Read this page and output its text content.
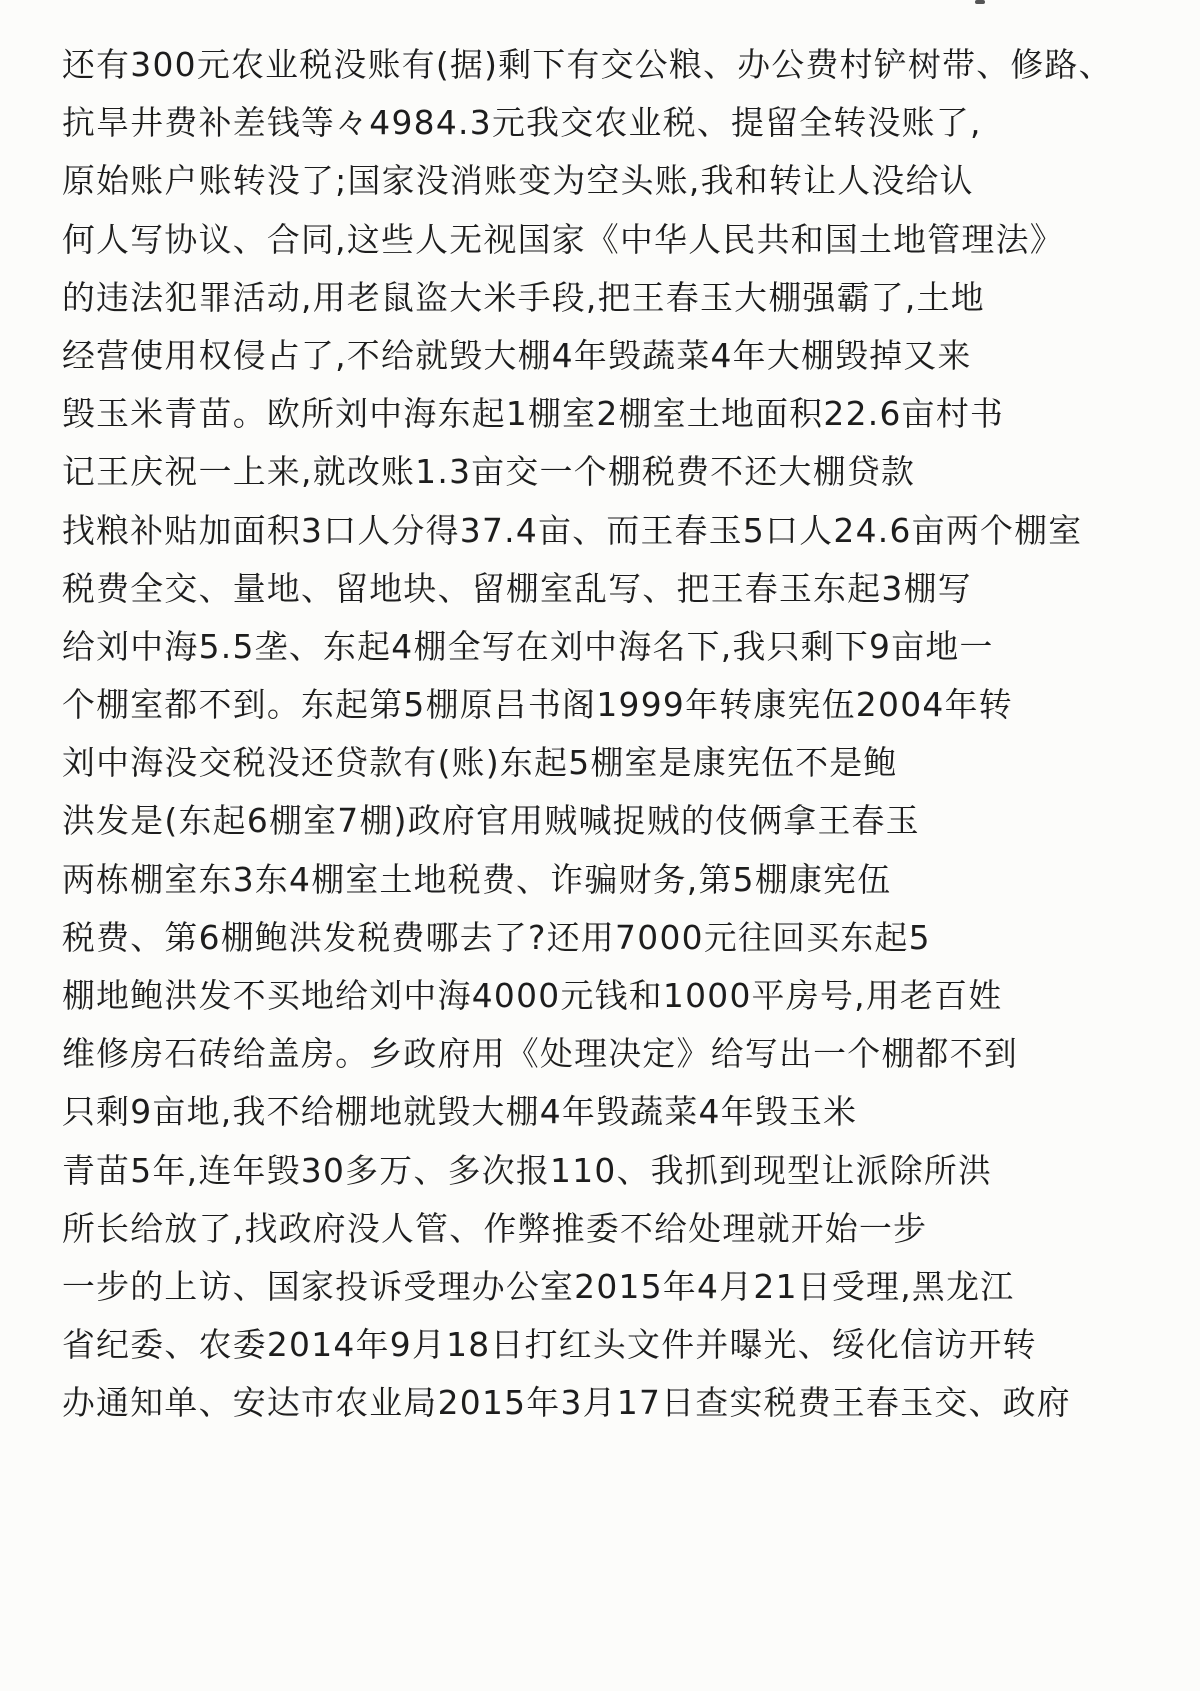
还有300元农业税没账有(据)剩下有交公粮、办公费村铲树带、修路、
抗旱井费补差钱等々4984.3元我交农业税、提留全转没账了,
原始账户账转没了;国家没消账变为空头账,我和转让人没给认
何人写协议、合同,这些人无视国家《中华人民共和国土地管理法》
的违法犯罪活动,用老鼠盗大米手段,把王春玉大棚强霸了,土地
经营使用权侵占了,不给就毁大棚4年毁蔬菜4年大棚毁掉又来
毁玉米青苗。欧所刘中海东起1棚室2棚室土地面积22.6亩村书
记王庆祝一上来,就改账1.3亩交一个棚税费不还大棚贷款
找粮补贴加面积3口人分得37.4亩、而王春玉5口人24.6亩两个棚室
税费全交、量地、留地块、留棚室乱写、把王春玉东起3棚写
给刘中海5.5垄、东起4棚全写在刘中海名下,我只剩下9亩地一
个棚室都不到。东起第5棚原吕书阁1999年转康宪伍2004年转
刘中海没交税没还贷款有(账)东起5棚室是康宪伍不是鲍
洪发是(东起6棚室7棚)政府官用贼喊捉贼的伎俩拿王春玉
两栋棚室东3东4棚室土地税费、诈骗财务,第5棚康宪伍
税费、第6棚鲍洪发税费哪去了?还用7000元往回买东起5
棚地鲍洪发不买地给刘中海4000元钱和1000平房号,用老百姓
维修房石砖给盖房。乡政府用《处理决定》给写出一个棚都不到
只剩9亩地,我不给棚地就毁大棚4年毁蔬菜4年毁玉米
青苗5年,连年毁30多万、多次报110、我抓到现型让派除所洪
所长给放了,找政府没人管、作弊推委不给处理就开始一步
一步的上访、国家投诉受理办公室2015年4月21日受理,黑龙江
省纪委、农委2014年9月18日打红头文件并曝光、绥化信访开转
办通知单、安达市农业局2015年3月17日查实税费王春玉交、政府
